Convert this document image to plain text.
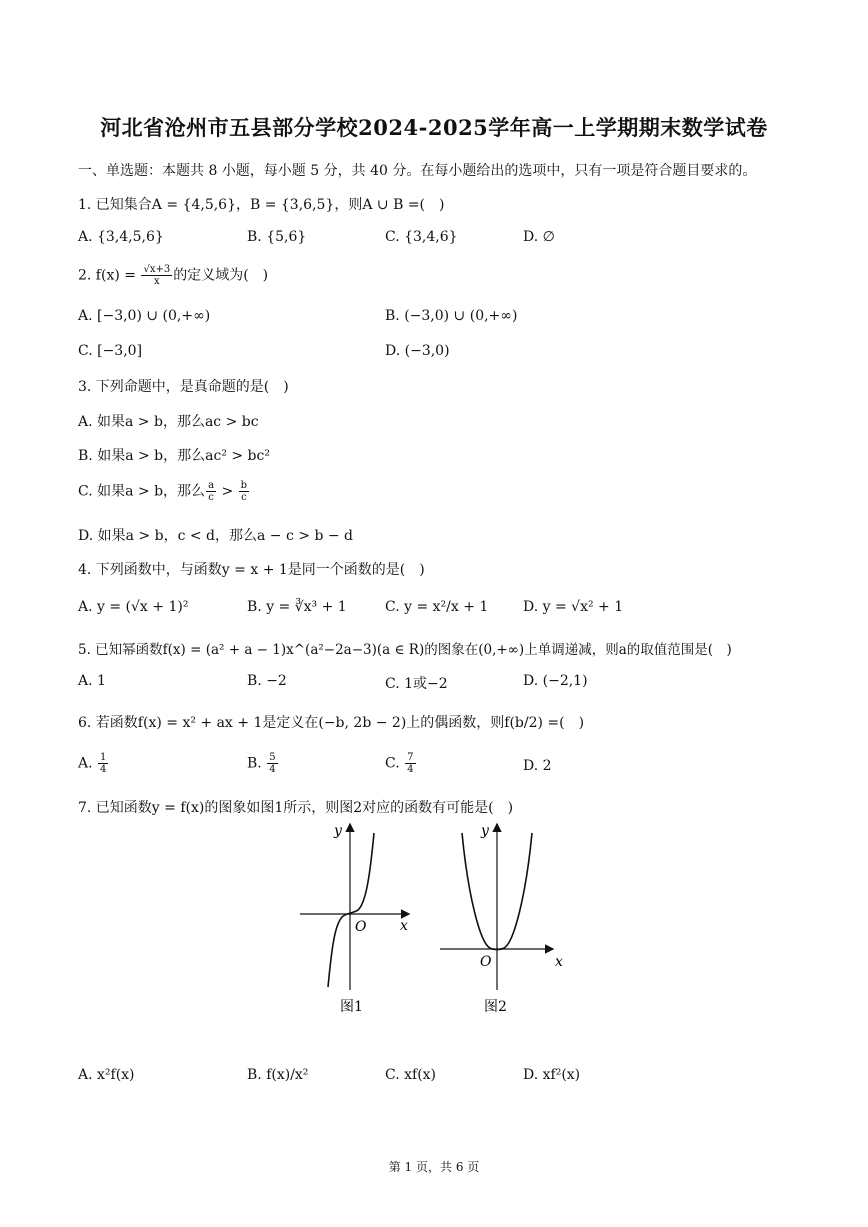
河北省沧州市五县部分学校2024-2025学年高一上学期期末数学试卷
一、单选题：本题共 8 小题，每小题 5 分，共 40 分。在每小题给出的选项中，只有一项是符合题目要求的。
1. 已知集合A = {4,5,6}，B = {3,6,5}，则A ∪ B =(　)
A. {3,4,5,6}	B. {5,6}	C. {3,4,6}	D. ∅
2. $f(x) = \frac{√x+3}{x}$ 的定义域为(　)
A. [−3,0) ∪ (0,+∞)	B. (−3,0) ∪ (0,+∞)
C. [−3,0]	D. (−3,0)
3. 下列命题中，是真命题的是(　)
A. 如果a > b，那么ac > bc
B. 如果a > b，那么ac² > bc²
C. 如果a > b，那么 $\frac{a}{c} > \frac{b}{c}$
D. 如果a > b，c < d，那么a − c > b − d
4. 下列函数中，与函数y = x + 1是同一个函数的是(　)
A. y = (√x + 1)²	B. y = ∛x³ + 1	C. y = x²/x + 1 D. y = √x² + 1
5. 已知幂函数f(x) = (a² + a − 1)x^(a²−2a−3)(a ∈ R)的图象在(0,+∞)上单调递减，则a的取值范围是(　)
A. 1	B. −2	C. 1或−2	D. (−2,1)
6. 若函数f(x) = x² + ax + 1是定义在(−b, 2b − 2)上的偶函数，则f(b/2) =(　)
A. $\frac{1}{4}$	B. $\frac{5}{4}$	C. $\frac{7}{4}$	D. 2
7. 已知函数y = f(x)的图象如图1所示，则图2对应的函数有可能是(　)
x
y
O
图1
x
y
O
图2
A. x²f(x)	B. f(x)/x²	C. xf(x)	D. xf²(x)
第 1 页，共 6 页
